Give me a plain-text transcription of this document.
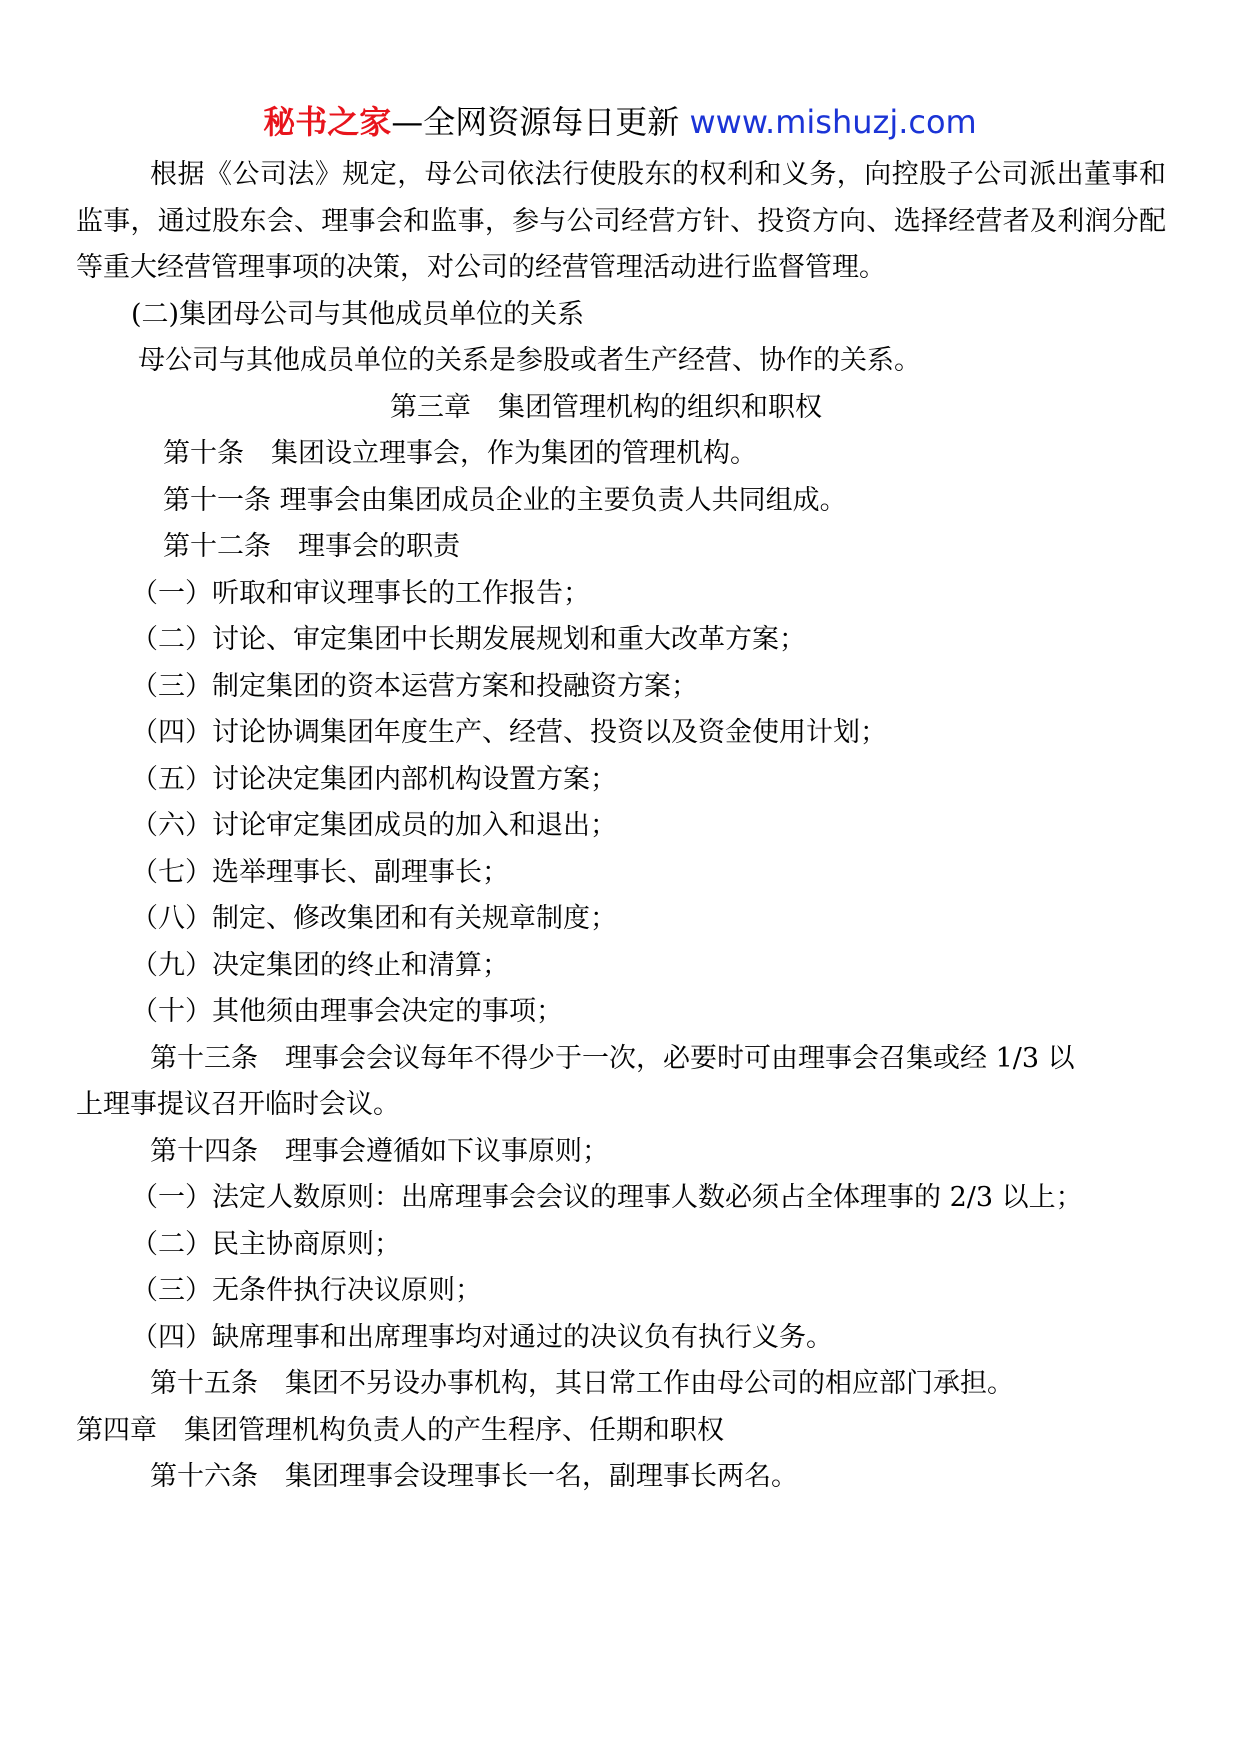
秘书之家—全网资源每日更新 www.mishuzj.com
根据《公司法》规定，母公司依法行使股东的权利和义务，向控股子公司派出董事和监事，通过股东会、理事会和监事，参与公司经营方针、投资方向、选择经营者及利润分配等重大经营管理事项的决策，对公司的经营管理活动进行监督管理。
(二)集团母公司与其他成员单位的关系
母公司与其他成员单位的关系是参股或者生产经营、协作的关系。
第三章　集团管理机构的组织和职权
第十条　集团设立理事会，作为集团的管理机构。
第十一条 理事会由集团成员企业的主要负责人共同组成。
第十二条　理事会的职责
（一）听取和审议理事长的工作报告；
（二）讨论、审定集团中长期发展规划和重大改革方案；
（三）制定集团的资本运营方案和投融资方案；
（四）讨论协调集团年度生产、经营、投资以及资金使用计划；
（五）讨论决定集团内部机构设置方案；
（六）讨论审定集团成员的加入和退出；
（七）选举理事长、副理事长；
（八）制定、修改集团和有关规章制度；
（九）决定集团的终止和清算；
（十）其他须由理事会决定的事项；
第十三条　理事会会议每年不得少于一次，必要时可由理事会召集或经 1/3 以
上理事提议召开临时会议。
第十四条　理事会遵循如下议事原则；
（一）法定人数原则：出席理事会会议的理事人数必须占全体理事的 2/3 以上；
（二）民主协商原则；
（三）无条件执行决议原则；
（四）缺席理事和出席理事均对通过的决议负有执行义务。
第十五条　集团不另设办事机构，其日常工作由母公司的相应部门承担。
第四章　集团管理机构负责人的产生程序、任期和职权
第十六条　集团理事会设理事长一名，副理事长两名。
